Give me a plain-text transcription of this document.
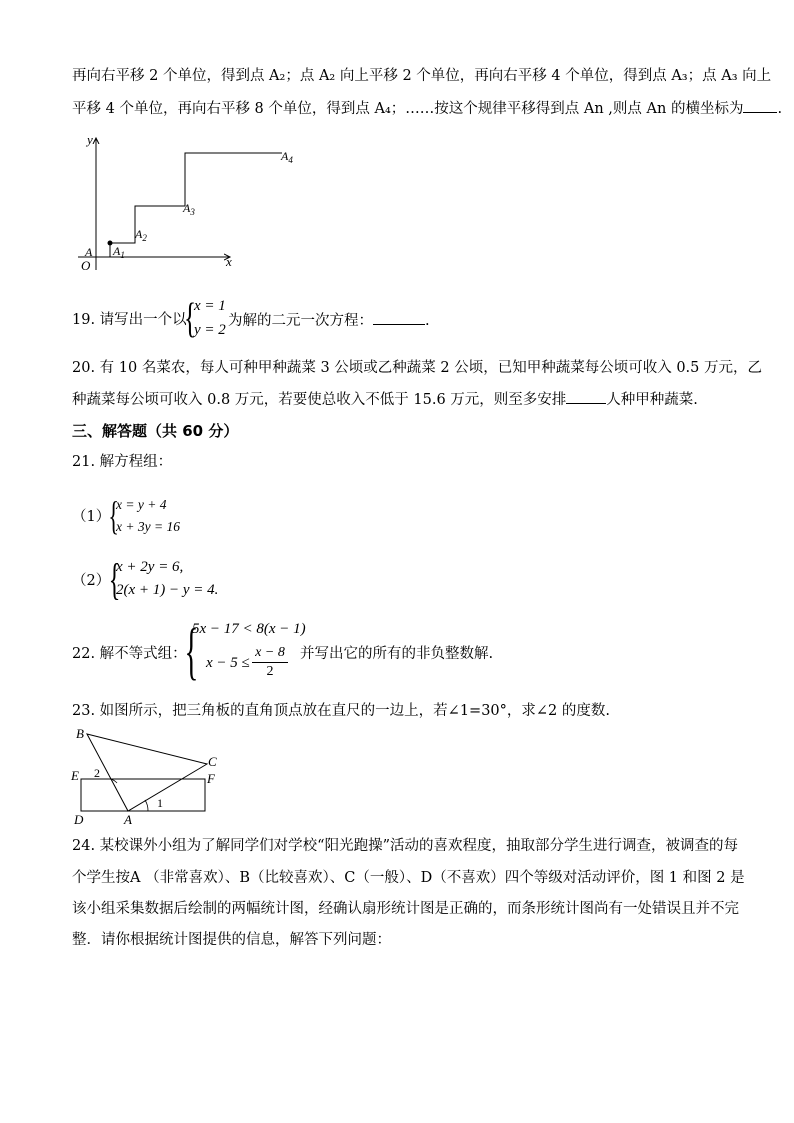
再向右平移 2 个单位，得到点 A₂；点 A₂ 向上平移 2 个单位，再向右平移 4 个单位，得到点 A₃；点 A₃ 向上
平移 4 个单位，再向右平移 8 个单位，得到点 A₄；……按这个规律平移得到点 An ,则点 An 的横坐标为 .
y
x
O
A $A_1$
$A_2$
$A_3$
$A_4$
19. 请写出一个以
{
x = 1
y = 2
为解的二元一次方程：	.
20. 有 10 名菜农，每人可种甲种蔬菜 3 公顷或乙种蔬菜 2 公顷，已知甲种蔬菜每公顷可收入 0.5 万元，乙
种蔬菜每公顷可收入 0.8 万元，若要使总收入不低于 15.6 万元，则至多安排	人种甲种蔬菜.
三、解答题（共 60 分）
21. 解方程组：
（1）
{
x = y + 4
x + 3y = 16
（2）
{
x + 2y = 6,
2(x + 1) − y = 4.
22. 解不等式组：
{
5x − 17 < 8(x − 1)
x − 5 ≤
x − 8
2
并写出它的所有的非负整数解.
23. 如图所示，把三角板的直角顶点放在直尺的一边上，若∠1=30°，求∠2 的度数.
B
C
E	F
D	A
1
2
24. 某校课外小组为了解同学们对学校“阳光跑操”活动的喜欢程度，抽取部分学生进行调查，被调查的每
个学生按A （非常喜欢）、B（比较喜欢）、C（一般）、D（不喜欢）四个等级对活动评价，图 1 和图 2 是
该小组采集数据后绘制的两幅统计图，经确认扇形统计图是正确的，而条形统计图尚有一处错误且并不完
整．请你根据统计图提供的信息，解答下列问题：
